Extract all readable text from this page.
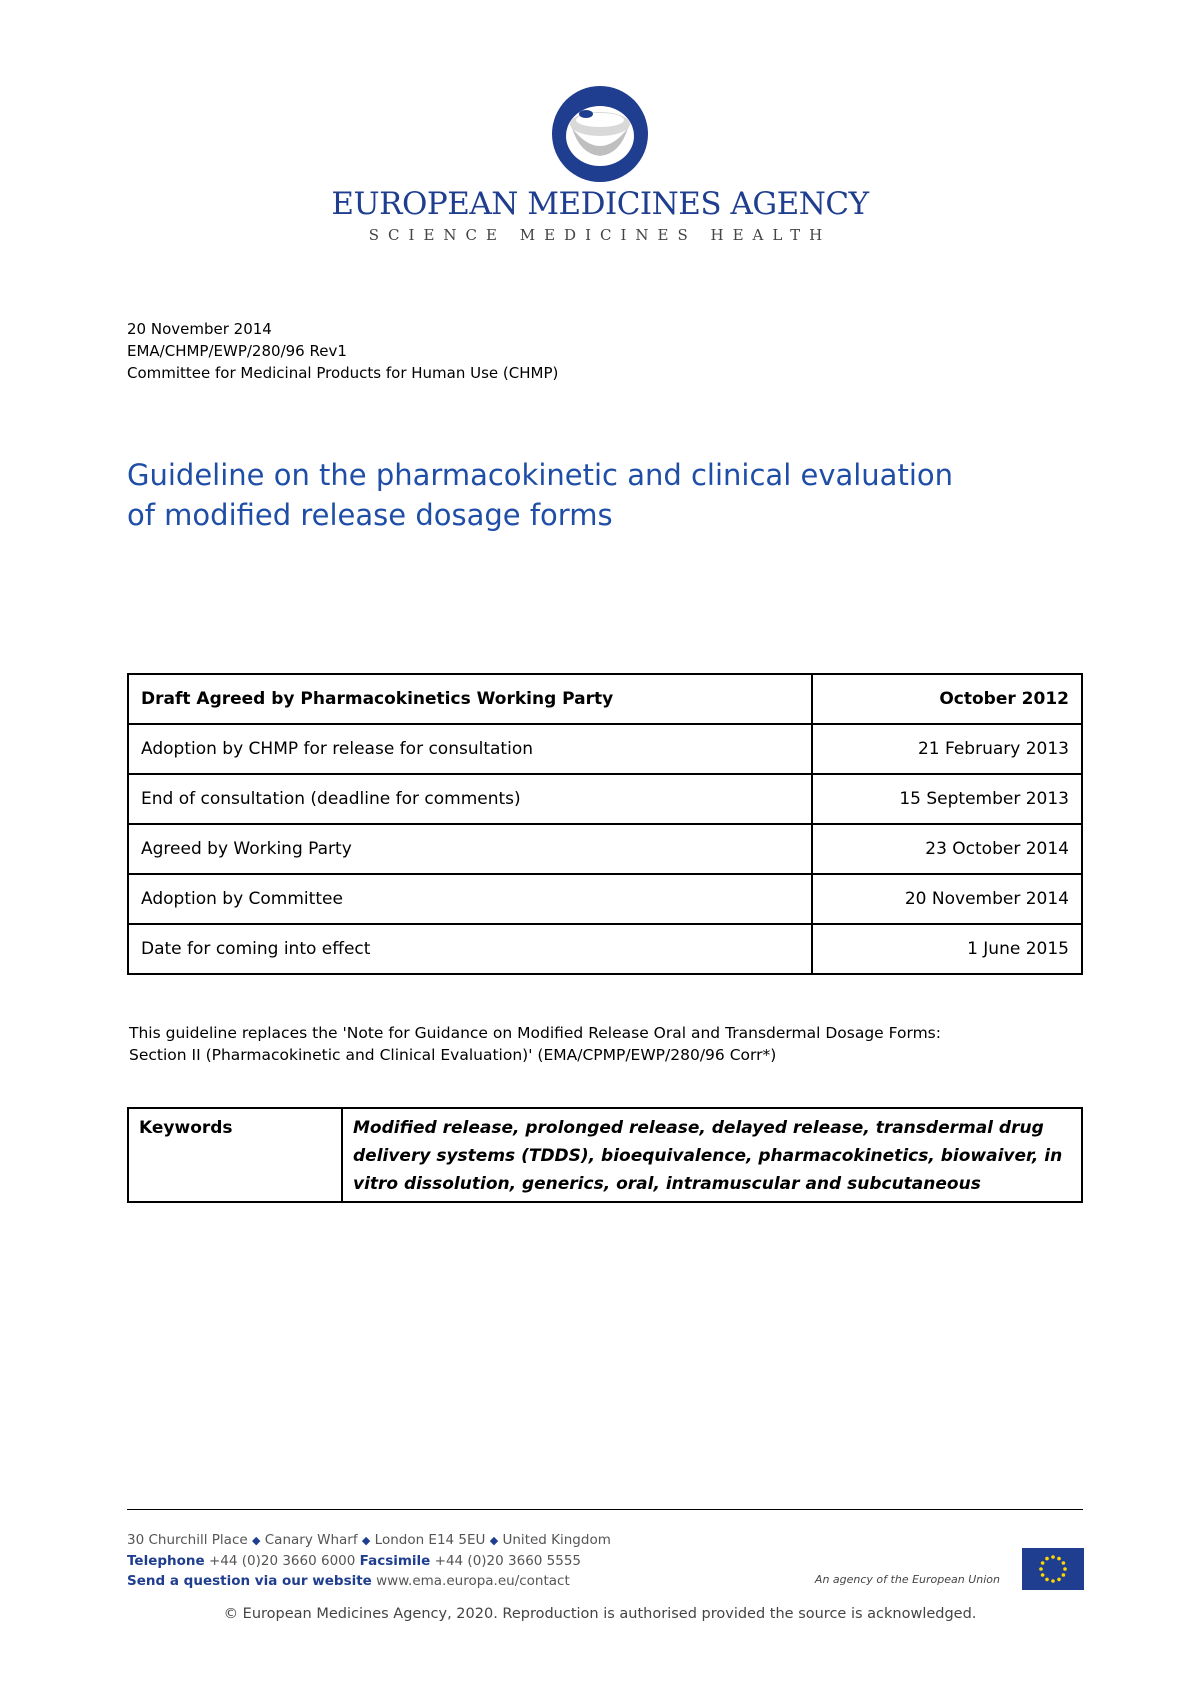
EUROPEAN MEDICINES AGENCY
SCIENCE MEDICINES HEALTH
20 November 2014
EMA/CHMP/EWP/280/96 Rev1
Committee for Medicinal Products for Human Use (CHMP)
Guideline on the pharmacokinetic and clinical evaluation
of modified release dosage forms
Draft Agreed by Pharmacokinetics Working Party	October 2012
Adoption by CHMP for release for consultation	21 February 2013
End of consultation (deadline for comments)	15 September 2013
Agreed by Working Party	23 October 2014
Adoption by Committee	20 November 2014
Date for coming into effect	1 June 2015
This guideline replaces the 'Note for Guidance on Modified Release Oral and Transdermal Dosage Forms:
Section II (Pharmacokinetic and Clinical Evaluation)' (EMA/CPMP/EWP/280/96 Corr*)
Keywords	Modified release, prolonged release, delayed release, transdermal drug delivery systems (TDDS), bioequivalence, pharmacokinetics, biowaiver, in vitro dissolution, generics, oral, intramuscular and subcutaneous
30 Churchill Place ◆ Canary Wharf ◆ London E14 5EU ◆ United Kingdom
Telephone +44 (0)20 3660 6000 Facsimile +44 (0)20 3660 5555
Send a question via our website www.ema.europa.eu/contact	An agency of the European Union
© European Medicines Agency, 2020. Reproduction is authorised provided the source is acknowledged.
